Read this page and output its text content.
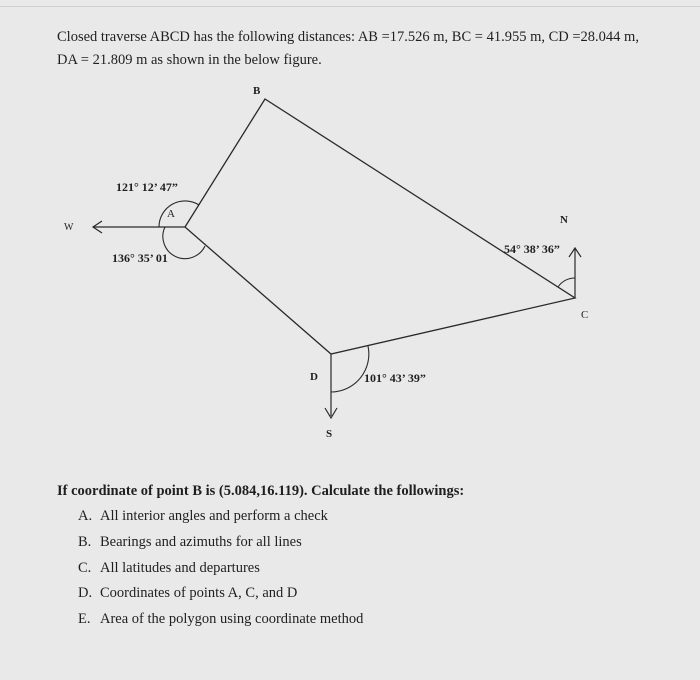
Closed traverse ABCD has the following distances: AB =17.526 m, BC = 41.955 m, CD =28.044 m,
DA = 21.809 m as shown in the below figure.
B
A
C
D
W
N
S
121° 12’ 47”
136° 35’ 01
54° 38’ 36”
101° 43’ 39”
If coordinate of point B is (5.084,16.119). Calculate the followings:
A. All interior angles and perform a check
B. Bearings and azimuths for all lines
C. All latitudes and departures
D. Coordinates of points A, C, and D
E. Area of the polygon using coordinate method
